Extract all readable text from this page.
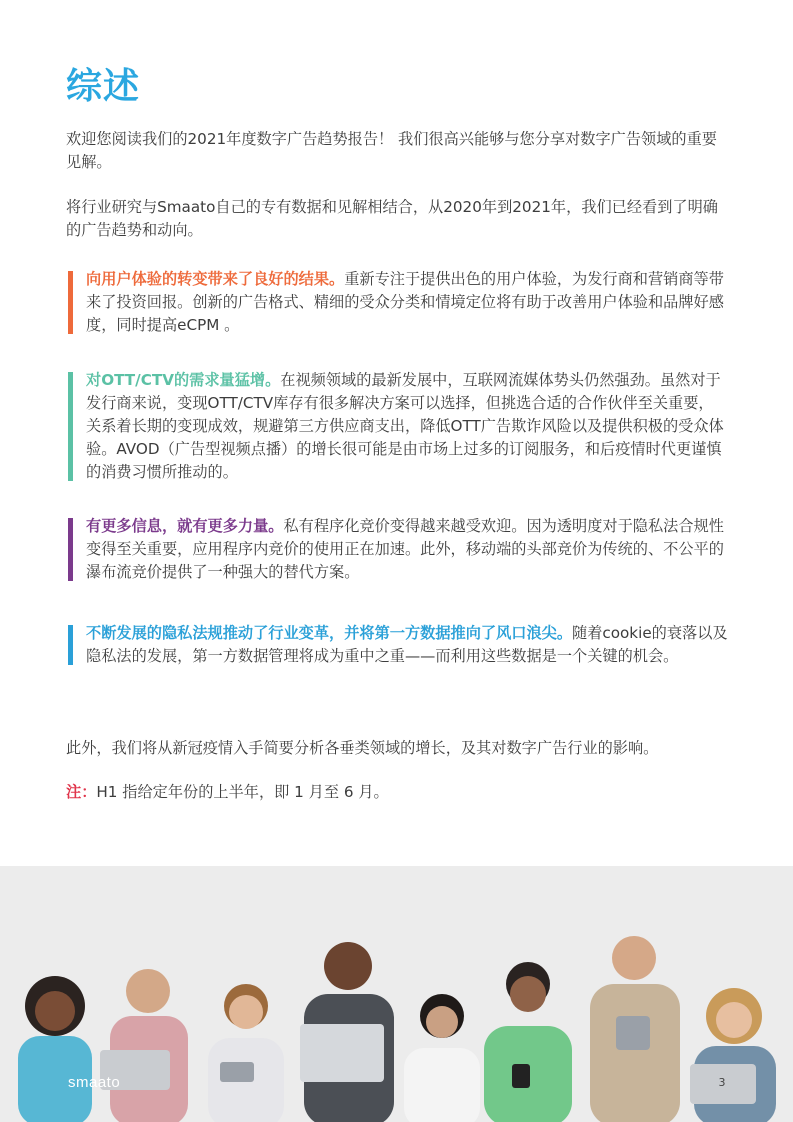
综述

欢迎您阅读我们的2021年度数字广告趋势报告！ 我们很高兴能够与您分享对数字广告领域的重要见解。

将行业研究与Smaato自己的专有数据和见解相结合，从2020年到2021年，我们已经看到了明确的广告趋势和动向。

向用户体验的转变带来了良好的结果。重新专注于提供出色的用户体验，为发行商和营销商等带来了投资回报。创新的广告格式、精细的受众分类和情境定位将有助于改善用户体验和品牌好感度，同时提高eCPM 。

对OTT/CTV的需求量猛增。在视频领域的最新发展中，互联网流媒体势头仍然强劲。虽然对于发行商来说，变现OTT/CTV库存有很多解决方案可以选择，但挑选合适的合作伙伴至关重要，关系着长期的变现成效，规避第三方供应商支出，降低OTT广告欺诈风险以及提供积极的受众体验。AVOD（广告型视频点播）的增长很可能是由市场上过多的订阅服务，和后疫情时代更谨慎的消费习惯所推动的。

有更多信息，就有更多力量。私有程序化竞价变得越来越受欢迎。因为透明度对于隐私法合规性变得至关重要，应用程序内竞价的使用正在加速。此外，移动端的头部竞价为传统的、不公平的瀑布流竞价提供了一种强大的替代方案。

不断发展的隐私法规推动了行业变革，并将第一方数据推向了风口浪尖。随着cookie的衰落以及隐私法的发展，第一方数据管理将成为重中之重——而利用这些数据是一个关键的机会。

此外，我们将从新冠疫情入手简要分析各垂类领域的增长，及其对数字广告行业的影响。

注：H1 指给定年份的上半年，即 1 月至 6 月。

smaato	3
